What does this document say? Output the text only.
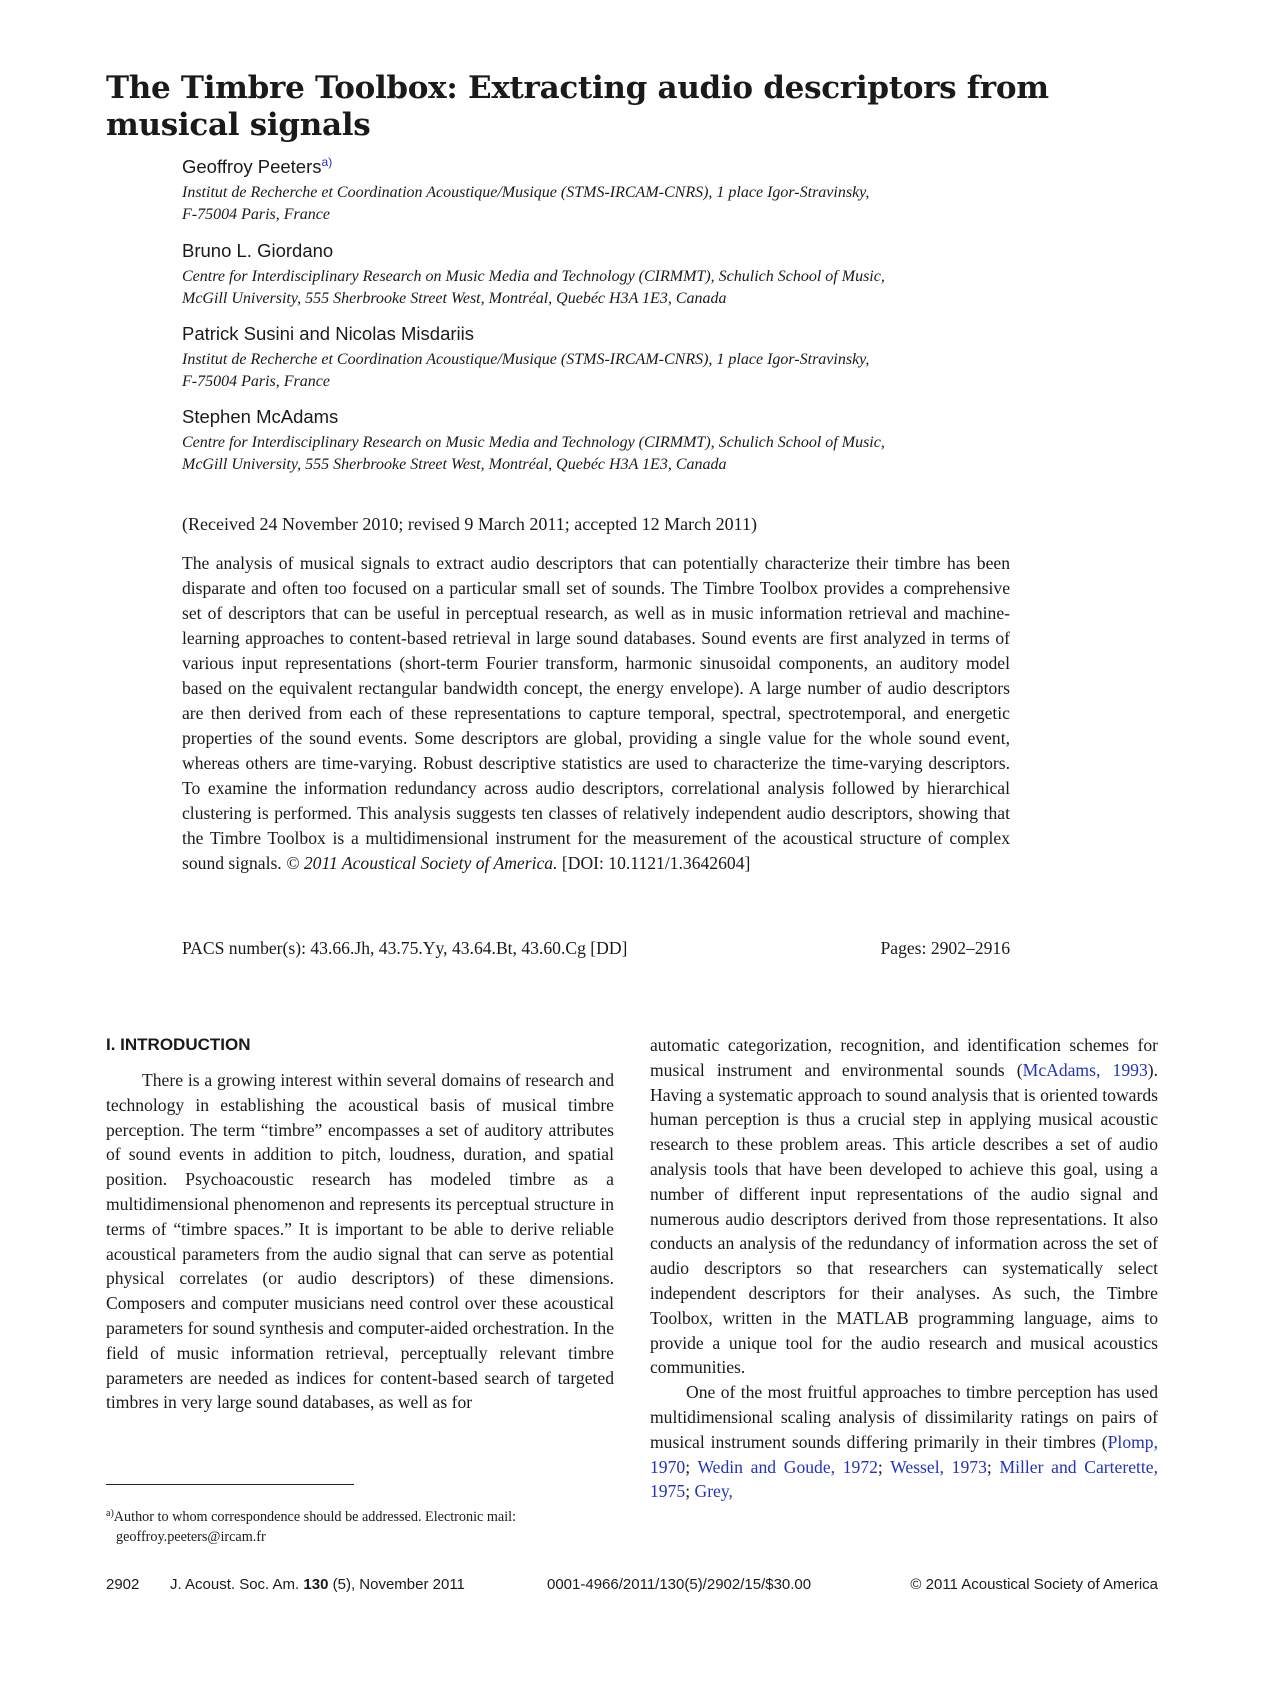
The Timbre Toolbox: Extracting audio descriptors from musical signals

Geoffroy Peeters$^{a)}$

Institut de Recherche et Coordination Acoustique/Musique (STMS-IRCAM-CNRS), 1 place Igor-Stravinsky,
F-75004 Paris, France

Bruno L. Giordano

Centre for Interdisciplinary Research on Music Media and Technology (CIRMMT), Schulich School of Music,
McGill University, 555 Sherbrooke Street West, Montréal, Quebéc H3A 1E3, Canada

Patrick Susini and Nicolas Misdariis

Institut de Recherche et Coordination Acoustique/Musique (STMS-IRCAM-CNRS), 1 place Igor-Stravinsky,
F-75004 Paris, France

Stephen McAdams

Centre for Interdisciplinary Research on Music Media and Technology (CIRMMT), Schulich School of Music,
McGill University, 555 Sherbrooke Street West, Montréal, Quebéc H3A 1E3, Canada

(Received 24 November 2010; revised 9 March 2011; accepted 12 March 2011)

The analysis of musical signals to extract audio descriptors that can potentially characterize their timbre has been disparate and often too focused on a particular small set of sounds. The Timbre Toolbox provides a comprehensive set of descriptors that can be useful in perceptual research, as well as in music information retrieval and machine-learning approaches to content-based retrieval in large sound databases. Sound events are first analyzed in terms of various input representations (short-term Fourier transform, harmonic sinusoidal components, an auditory model based on the equivalent rectangular bandwidth concept, the energy envelope). A large number of audio descriptors are then derived from each of these representations to capture temporal, spectral, spectrotemporal, and energetic properties of the sound events. Some descriptors are global, providing a single value for the whole sound event, whereas others are time-varying. Robust descriptive statistics are used to characterize the time-varying descriptors. To examine the information redundancy across audio descriptors, correlational analysis followed by hierarchical clustering is performed. This analysis suggests ten classes of relatively independent audio descriptors, showing that the Timbre Toolbox is a multidimensional instrument for the measurement of the acoustical structure of complex sound signals. © 2011 Acoustical Society of America. [DOI: 10.1121/1.3642604]

PACS number(s): 43.66.Jh, 43.75.Yy, 43.64.Bt, 43.60.Cg [DD]	Pages: 2902–2916
I. INTRODUCTION

There is a growing interest within several domains of research and technology in establishing the acoustical basis of musical timbre perception. The term “timbre” encompasses a set of auditory attributes of sound events in addition to pitch, loudness, duration, and spatial position. Psychoacoustic research has modeled timbre as a multidimensional phenomenon and represents its perceptual structure in terms of “timbre spaces.” It is important to be able to derive reliable acoustical parameters from the audio signal that can serve as potential physical correlates (or audio descriptors) of these dimensions. Composers and computer musicians need control over these acoustical parameters for sound synthesis and computer-aided orchestration. In the field of music information retrieval, perceptually relevant timbre parameters are needed as indices for content-based search of targeted timbres in very large sound databases, as well as for

automatic categorization, recognition, and identification schemes for musical instrument and environmental sounds (McAdams, 1993). Having a systematic approach to sound analysis that is oriented towards human perception is thus a crucial step in applying musical acoustic research to these problem areas. This article describes a set of audio analysis tools that have been developed to achieve this goal, using a number of different input representations of the audio signal and numerous audio descriptors derived from those representations. It also conducts an analysis of the redundancy of information across the set of audio descriptors so that researchers can systematically select independent descriptors for their analyses. As such, the Timbre Toolbox, written in the MATLAB programming language, aims to provide a unique tool for the audio research and musical acoustics communities.

One of the most fruitful approaches to timbre perception has used multidimensional scaling analysis of dissimilarity ratings on pairs of musical instrument sounds differing primarily in their timbres (Plomp, 1970; Wedin and Goude, 1972; Wessel, 1973; Miller and Carterette, 1975; Grey,

$^{a)}$Author to whom correspondence should be addressed. Electronic mail:
geoffroy.peeters@ircam.fr
2902 J. Acoust. Soc. Am. 130 (5), November 2011	0001-4966/2011/130(5)/2902/15/$30.00	© 2011 Acoustical Society of America
